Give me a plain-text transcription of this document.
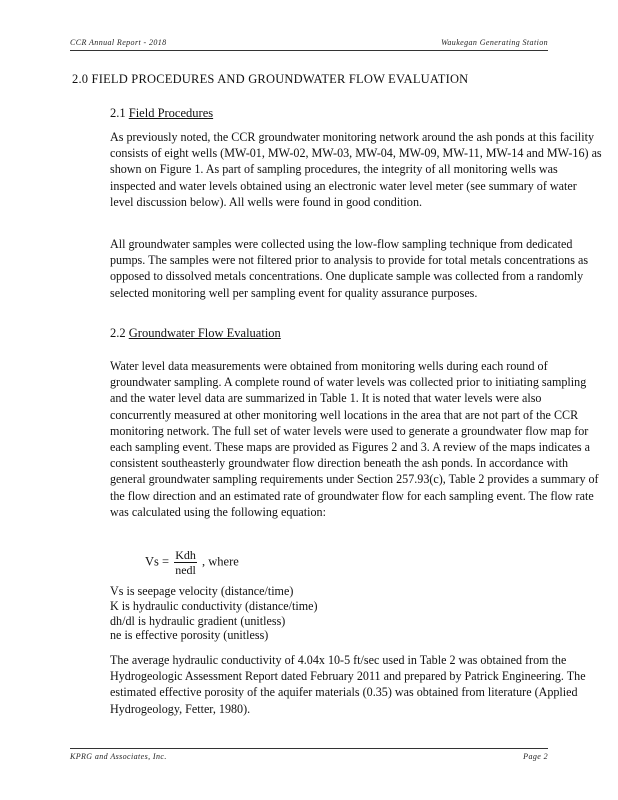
CCR Annual Report - 2018	Waukegan Generating Station
2.0 FIELD PROCEDURES AND GROUNDWATER FLOW EVALUATION
2.1 Field Procedures

As previously noted, the CCR groundwater monitoring network around the ash ponds at this facility consists of eight wells (MW-01, MW-02, MW-03, MW-04, MW-09, MW-11, MW-14 and MW-16) as shown on Figure 1. As part of sampling procedures, the integrity of all monitoring wells was inspected and water levels obtained using an electronic water level meter (see summary of water level discussion below). All wells were found in good condition.

All groundwater samples were collected using the low-flow sampling technique from dedicated pumps. The samples were not filtered prior to analysis to provide for total metals concentrations as opposed to dissolved metals concentrations. One duplicate sample was collected from a randomly selected monitoring well per sampling event for quality assurance purposes.

2.2 Groundwater Flow Evaluation

Water level data measurements were obtained from monitoring wells during each round of groundwater sampling. A complete round of water levels was collected prior to initiating sampling and the water level data are summarized in Table 1. It is noted that water levels were also concurrently measured at other monitoring well locations in the area that are not part of the CCR monitoring network. The full set of water levels were used to generate a groundwater flow map for each sampling event. These maps are provided as Figures 2 and 3. A review of the maps indicates a consistent southeasterly groundwater flow direction beneath the ash ponds. In accordance with general groundwater sampling requirements under Section 257.93(c), Table 2 provides a summary of the flow direction and an estimated rate of groundwater flow for each sampling event. The flow rate was calculated using the following equation:

$Vs = \frac{\text{Kdh}}{\text{nedl}}$ , where
Vs is seepage velocity (distance/time)
K is hydraulic conductivity (distance/time)
dh/dl is hydraulic gradient (unitless)
ne is effective porosity (unitless)

The average hydraulic conductivity of 4.04x 10-5 ft/sec used in Table 2 was obtained from the Hydrogeologic Assessment Report dated February 2011 and prepared by Patrick Engineering. The estimated effective porosity of the aquifer materials (0.35) was obtained from literature (Applied Hydrogeology, Fetter, 1980).

KPRG and Associates, Inc.	Page 2
